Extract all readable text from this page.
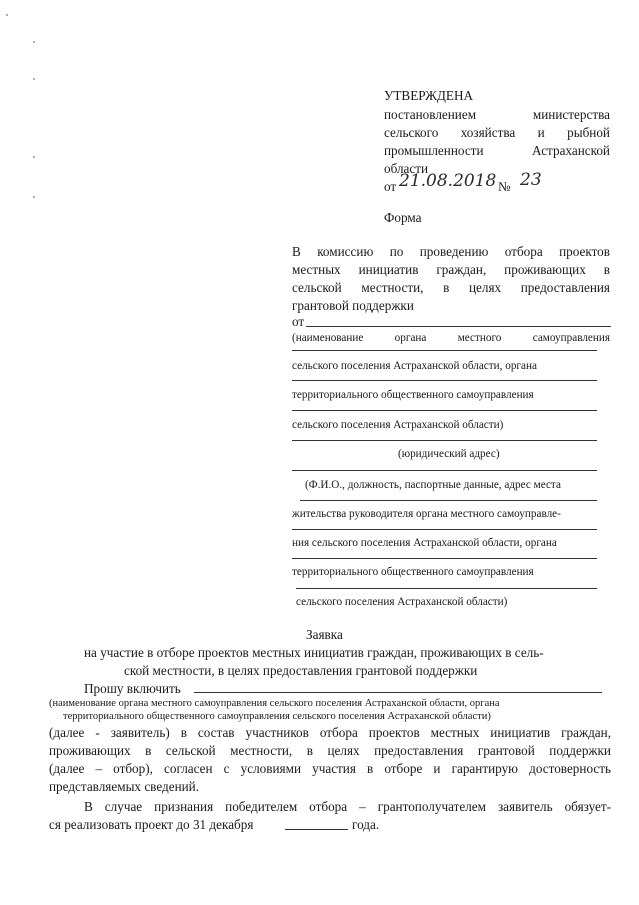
УТВЕРЖДЕНА
постановлением министерства
сельского хозяйства и рыбной
промышленности Астраханской
области
от 21.08.2018 № 23
Форма
В комиссию по проведению отбора проектов
местных инициатив граждан, проживающих в
сельской местности, в целях предоставления
грантовой поддержки
от
(наименование органа местного самоуправления
сельского поселения Астраханской области, органа
территориального общественного самоуправления
сельского поселения Астраханской области)
(юридический адрес)
(Ф.И.О., должность, паспортные данные, адрес места
жительства руководителя органа местного самоуправле-
ния сельского поселения Астраханской области, органа
территориального общественного самоуправления
сельского поселения Астраханской области)
Заявка
на участие в отборе проектов местных инициатив граждан, проживающих в сель-
ской местности, в целях предоставления грантовой поддержки
Прошу включить
(наименование органа местного самоуправления сельского поселения Астраханской области, органа
территориального общественного самоуправления сельского поселения Астраханской области)
(далее - заявитель) в состав участников отбора проектов местных инициатив граждан,
проживающих в сельской местности, в целях предоставления грантовой поддержки
(далее – отбор), согласен с условиями участия в отборе и гарантирую достоверность
представляемых сведений.
В случае признания победителем отбора – грантополучателем заявитель обязует-
ся реализовать проект до 31 декабря	года.
